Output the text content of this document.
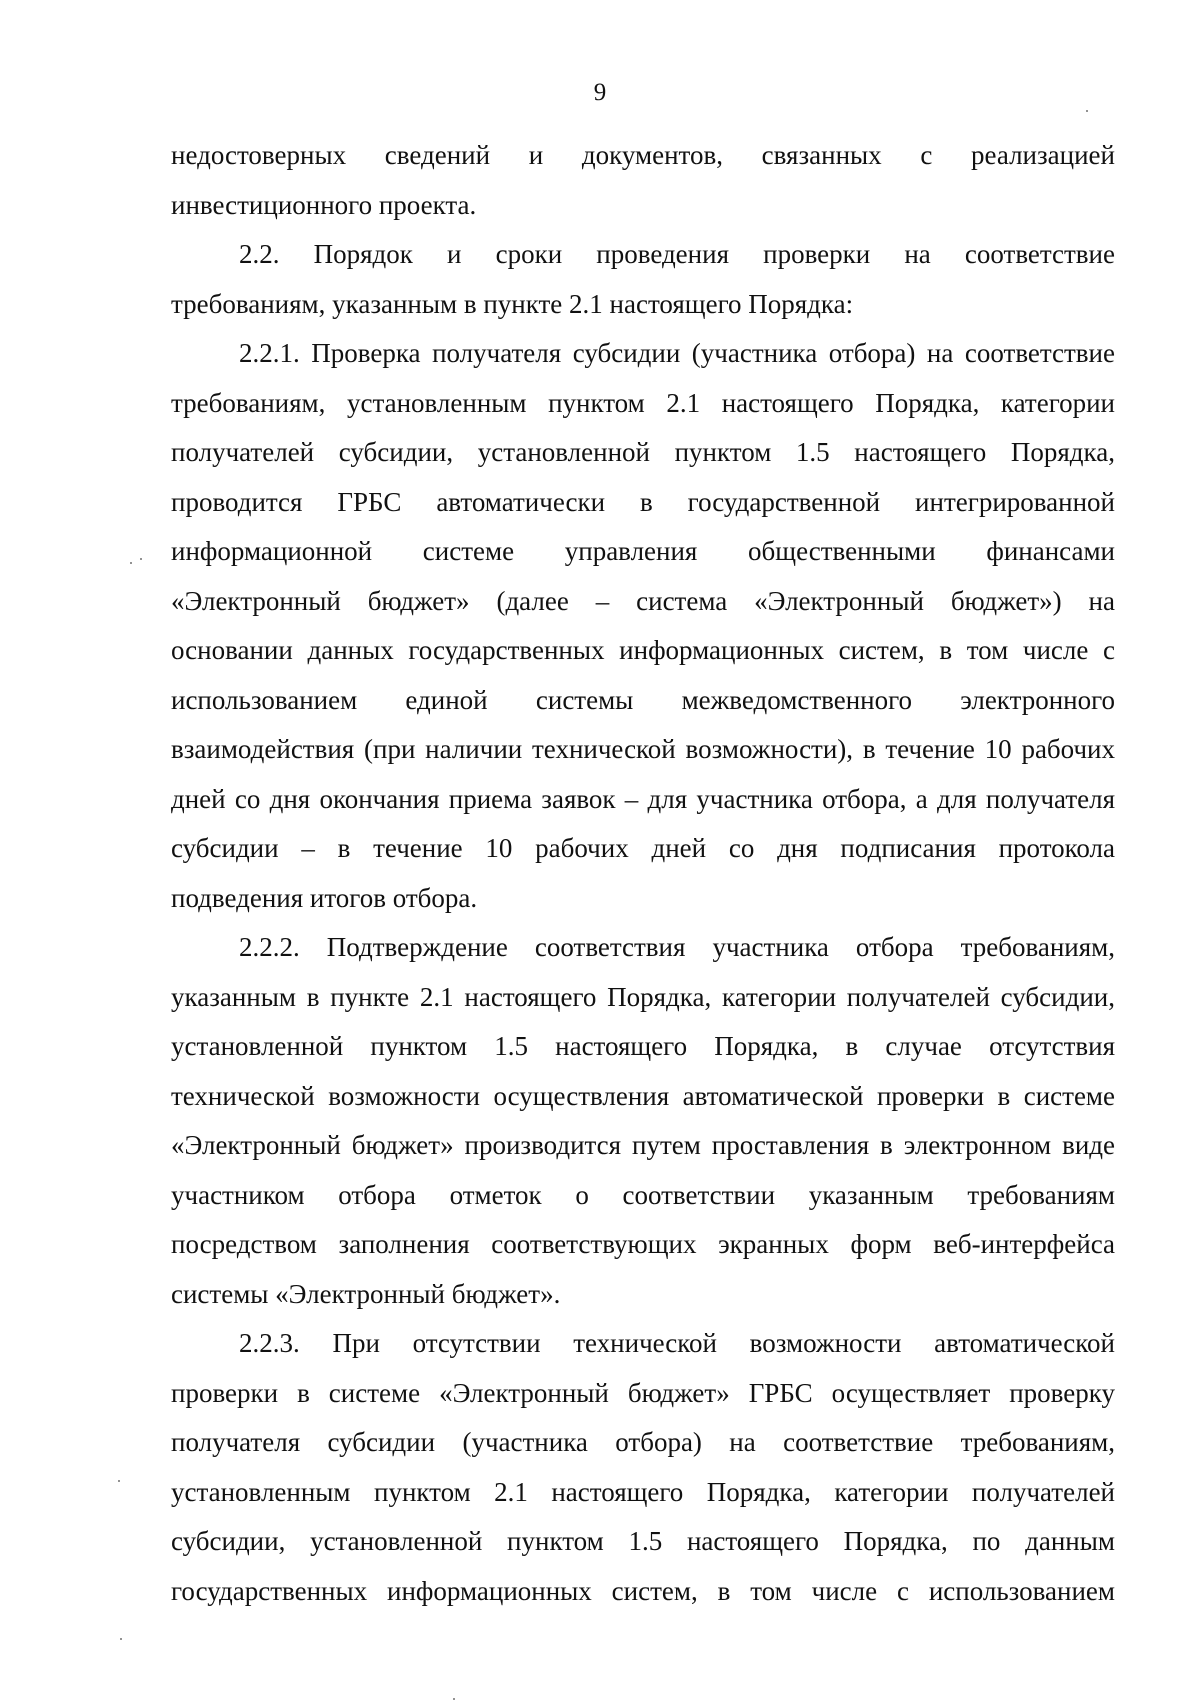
9
недостоверных сведений и документов, связанных с реализацией
инвестиционного проекта.
2.2. Порядок и сроки проведения проверки на соответствие
требованиям, указанным в пункте 2.1 настоящего Порядка:
2.2.1. Проверка получателя субсидии (участника отбора) на соответствие
требованиям, установленным пунктом 2.1 настоящего Порядка, категории
получателей субсидии, установленной пунктом 1.5 настоящего Порядка,
проводится ГРБС автоматически в государственной интегрированной
информационной системе управления общественными финансами
«Электронный бюджет» (далее – система «Электронный бюджет») на
основании данных государственных информационных систем, в том числе с
использованием единой системы межведомственного электронного
взаимодействия (при наличии технической возможности), в течение 10 рабочих
дней со дня окончания приема заявок – для участника отбора, а для получателя
субсидии – в течение 10 рабочих дней со дня подписания протокола
подведения итогов отбора.
2.2.2. Подтверждение соответствия участника отбора требованиям,
указанным в пункте 2.1 настоящего Порядка, категории получателей субсидии,
установленной пунктом 1.5 настоящего Порядка, в случае отсутствия
технической возможности осуществления автоматической проверки в системе
«Электронный бюджет» производится путем проставления в электронном виде
участником отбора отметок о соответствии указанным требованиям
посредством заполнения соответствующих экранных форм веб-интерфейса
системы «Электронный бюджет».
2.2.3. При отсутствии технической возможности автоматической
проверки в системе «Электронный бюджет» ГРБС осуществляет проверку
получателя субсидии (участника отбора) на соответствие требованиям,
установленным пунктом 2.1 настоящего Порядка, категории получателей
субсидии, установленной пунктом 1.5 настоящего Порядка, по данным
государственных информационных систем, в том числе с использованием
